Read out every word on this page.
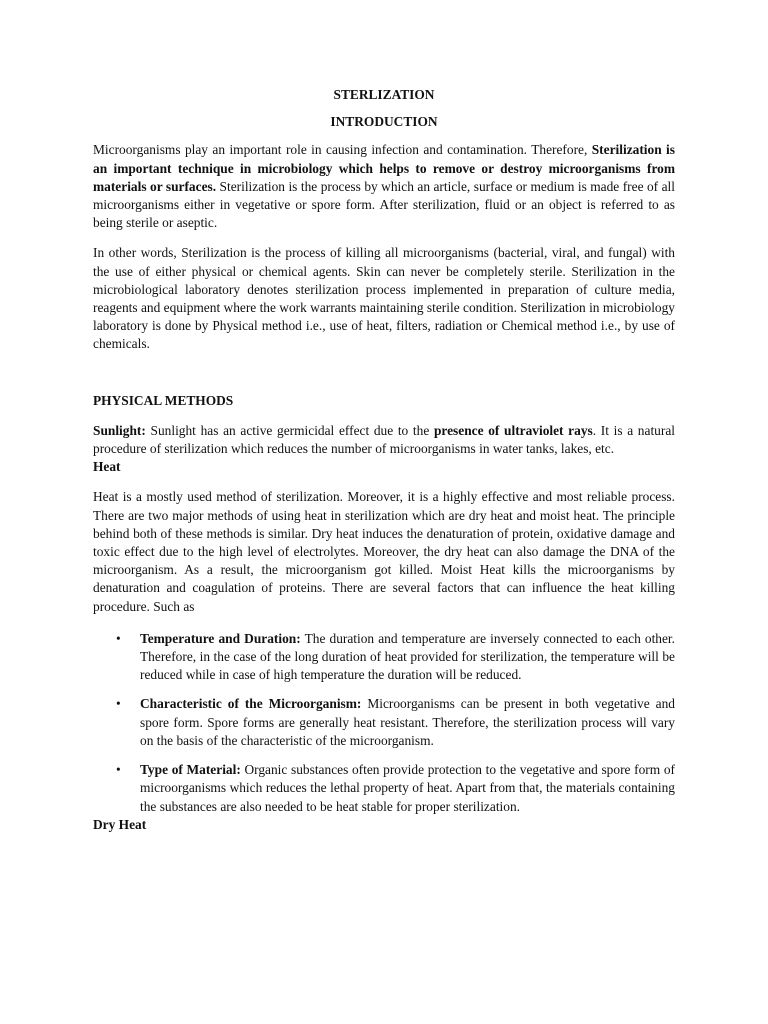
STERLIZATION

INTRODUCTION

Microorganisms play an important role in causing infection and contamination. Therefore, Sterilization is an important technique in microbiology which helps to remove or destroy microorganisms from materials or surfaces. Sterilization is the process by which an article, surface or medium is made free of all microorganisms either in vegetative or spore form. After sterilization, fluid or an object is referred to as being sterile or aseptic.

In other words, Sterilization is the process of killing all microorganisms (bacterial, viral, and fungal) with the use of either physical or chemical agents. Skin can never be completely sterile. Sterilization in the microbiological laboratory denotes sterilization process implemented in preparation of culture media, reagents and equipment where the work warrants maintaining sterile condition. Sterilization in microbiology laboratory is done by Physical method i.e., use of heat, filters, radiation or Chemical method i.e., by use of chemicals.

PHYSICAL METHODS

Sunlight: Sunlight has an active germicidal effect due to the presence of ultraviolet rays. It is a natural procedure of sterilization which reduces the number of microorganisms in water tanks, lakes, etc.

Heat

Heat is a mostly used method of sterilization. Moreover, it is a highly effective and most reliable process. There are two major methods of using heat in sterilization which are dry heat and moist heat. The principle behind both of these methods is similar. Dry heat induces the denaturation of protein, oxidative damage and toxic effect due to the high level of electrolytes. Moreover, the dry heat can also damage the DNA of the microorganism. As a result, the microorganism got killed. Moist Heat kills the microorganisms by denaturation and coagulation of proteins. There are several factors that can influence the heat killing procedure. Such as

• Temperature and Duration: The duration and temperature are inversely connected to each other. Therefore, in the case of the long duration of heat provided for sterilization, the temperature will be reduced while in case of high temperature the duration will be reduced.
• Characteristic of the Microorganism: Microorganisms can be present in both vegetative and spore form. Spore forms are generally heat resistant. Therefore, the sterilization process will vary on the basis of the characteristic of the microorganism.
• Type of Material: Organic substances often provide protection to the vegetative and spore form of microorganisms which reduces the lethal property of heat. Apart from that, the materials containing the substances are also needed to be heat stable for proper sterilization.

Dry Heat
